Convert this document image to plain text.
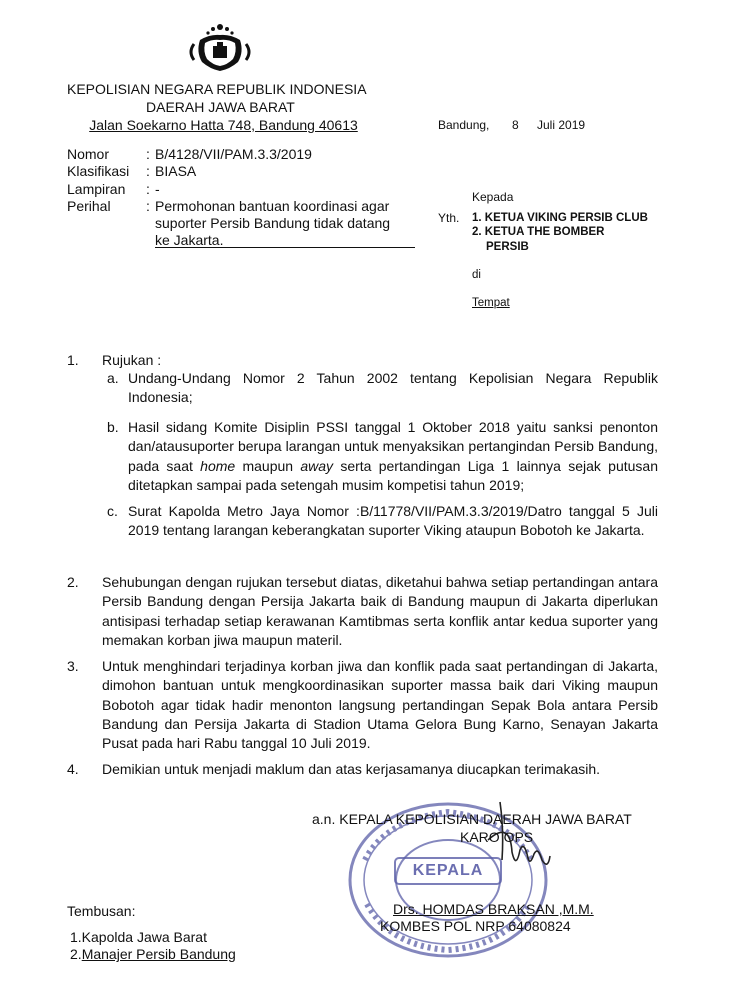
KEPOLISIAN NEGARA REPUBLIK INDONESIA
DAERAH JAWA BARAT
Jalan Soekarno Hatta 748, Bandung 40613	Bandung, 8 Juli 2019
Nomor	: B/4128/VII/PAM.3.3/2019
Klasifikasi : BIASA
Lampiran : -
Perihal	: Permohonan bantuan koordinasi agar
suporter Persib Bandung tidak datang
ke Jakarta.
Kepada
Yth. 1. KETUA VIKING PERSIB CLUB
2. KETUA THE BOMBER
PERSIB
di
Tempat
1. Rujukan :
a. Undang-Undang Nomor 2 Tahun 2002 tentang Kepolisian Negara Republik Indonesia;
b. Hasil sidang Komite Disiplin PSSI tanggal 1 Oktober 2018 yaitu sanksi penonton dan/atausuporter berupa larangan untuk menyaksikan pertangindan Persib Bandung, pada saat home maupun away serta pertandingan Liga 1 lainnya sejak putusan ditetapkan sampai pada setengah musim kompetisi tahun 2019;
c. Surat Kapolda Metro Jaya Nomor :B/11778/VII/PAM.3.3/2019/Datro tanggal 5 Juli 2019 tentang larangan keberangkatan suporter Viking ataupun Bobotoh ke Jakarta.
2. Sehubungan dengan rujukan tersebut diatas, diketahui bahwa setiap pertandingan antara Persib Bandung dengan Persija Jakarta baik di Bandung maupun di Jakarta diperlukan antisipasi terhadap setiap kerawanan Kamtibmas serta konflik antar kedua suporter yang memakan korban jiwa maupun materil.
3. Untuk menghindari terjadinya korban jiwa dan konflik pada saat pertandingan di Jakarta, dimohon bantuan untuk mengkoordinasikan suporter massa baik dari Viking maupun Bobotoh agar tidak hadir menonton langsung pertandingan Sepak Bola antara Persib Bandung dan Persija Jakarta di Stadion Utama Gelora Bung Karno, Senayan Jakarta Pusat pada hari Rabu tanggal 10 Juli 2019.
4. Demikian untuk menjadi maklum dan atas kerjasamanya diucapkan terimakasih.
KEPALA
a.n. KEPALA KEPOLISIAN DAERAH JAWA BARAT
KARO OPS
Drs. HOMDAS BRAKSAN ,M.M.
KOMBES POL NRP 64080824
Tembusan:
1.Kapolda Jawa Barat
2.Manajer Persib Bandung
